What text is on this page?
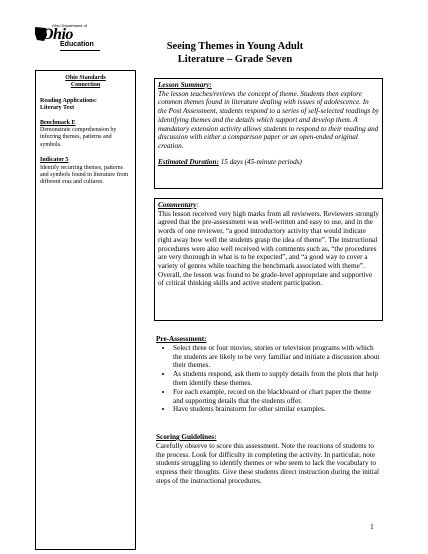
Ohio Department of
Ohio
Education	Seeing Themes in Young Adult
Literature – Grade Seven
Ohio Standards
Connection
Reading Applications:
Literary Text
Benchmark E
Demonstrate comprehension by inferring themes, patterns and symbols.
Indicator 5
Identify recurring themes, patterns and symbols found in literature from different eras and cultures.
Lesson Summary:
The lesson teaches/reviews the concept of theme. Students then explore common themes found in literature dealing with issues of adolescence. In the Post Assessment, students respond to a series of self-selected readings by identifying themes and the details which support and develop them. A mandatory extension activity allows students to respond to their reading and discussion with either a comparison paper or an open-ended original creation.
Estimated Duration: 15 days (45-minute periods)
Commentary:
This lesson received very high marks from all reviewers. Reviewers strongly agreed that the pre-assessment was well-written and easy to use, and in the words of one reviewer, “a good introductory activity that would indicate right away how well the students grasp the idea of theme”. The instructional procedures were also well received with comments such as, “the procedures are very thorough in what is to be expected”, and “a good way to cover a variety of genres while teaching the benchmark associated with theme”. Overall, the lesson was found to be grade-level appropriate and supportive of critical thinking skills and active student participation.
Pre-Assessment:
• Select three or four movies, stories or television programs with which the students are likely to be very familiar and initiate a discussion about their themes.
• As students respond, ask them to supply details from the plots that help them identify these themes.
• For each example, record on the blackboard or chart paper the theme and supporting details that the students offer.
• Have students brainstorm for other similar examples.
Scoring Guidelines:
Carefully observe to score this assessment. Note the reactions of students to the process. Look for difficulty in completing the activity. In particular, note students struggling to identify themes or who seem to lack the vocabulary to express their thoughts. Give these students direct instruction during the initial steps of the instructional procedures.
1
